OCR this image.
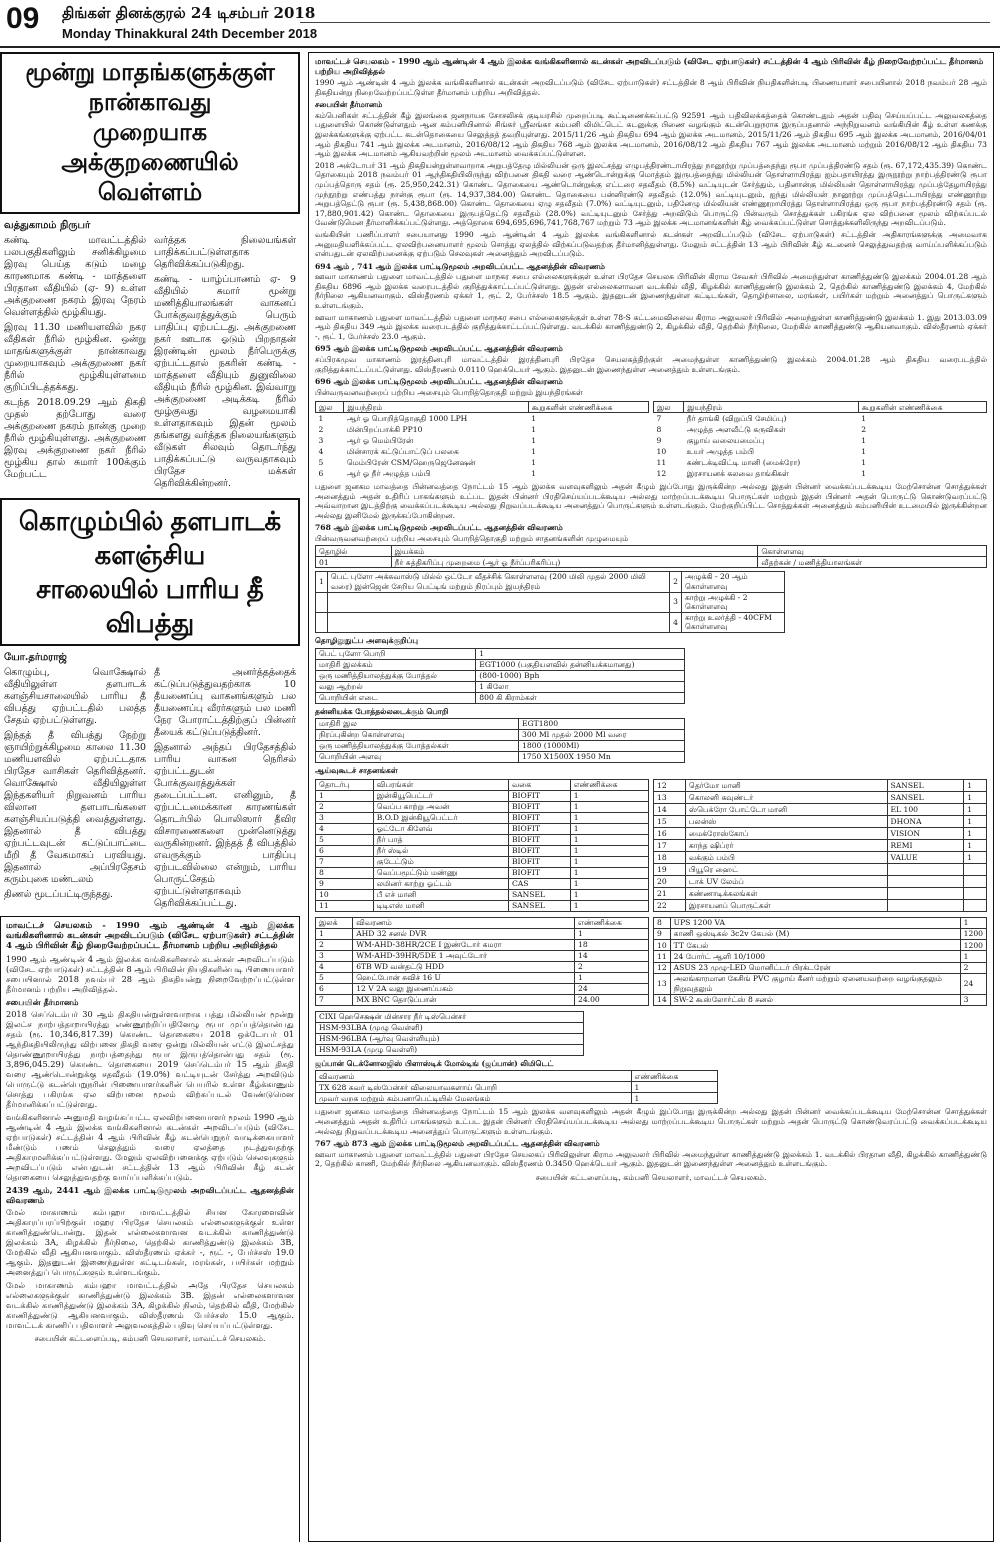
09 திங்கள் தினக்குரல் 24 டிசம்பர் 2018
Monday Thinakkural 24th December 2018
மூன்று மாதங்களுக்குள் நான்காவது
முறையாக அக்குறணையில் வெள்ளம்
வத்துகாமம் நிருபர்

கண்டி மாவட்டத்தில் பலபகுதிகளிலும் சனிக்கிழமை இரவு பெய்த கடும் மழை காரணமாக கண்டி - மாத்தளை பிரதான வீதியில் (ஏ- 9) உள்ள அக்குறணை நகரம் இரவு நேரம் வெள்ளத்தில் மூழ்கியது.

இரவு 11.30 மணியளவில் நகர வீதிகள் நீரில் மூழ்கின. ஒன்று மாதங்களுக்குள் நான்காவது முறையாகவும் அக்குறணை நகர் நீரில் மூழ்கியுள்ளமை குறிப்பிடத்தக்கது.

கடந்த 2018.09.29 ஆம் திகதி முதல் தற்போது வரை அக்குறணை நகரம் நான்கு முறை நீரில் மூழ்கியுள்ளது. அக்குறணை இரவு அக்குறணை நகர் நீரில் மூழ்கிய தால் சுமார் 100க்கும் மேற்பட்ட

வர்த்தக நிலையங்கள் பாதிக்கப்பட்டுள்ளதாக தெரிவிக்கப்படுகிறது.

கண்டி - யாழ்ப்பாணம் ஏ- 9 வீதியில் சுமார் மூன்று மணித்தியாலங்கள் வாகனப் போக்குவரத்துக்கும் பெரும் பாதிப்பு ஏற்பட்டது. அக்குறணை நகர் ஊடாக ஓடும் பிறநாதன் இரண்டின் மூலம் நீர்பெருக்கு ஏற்பட்டதால் நகரின் கண்டி - மாத்தளை வீதியும் துனுவிலை வீதியும் நீரில் மூழ்கின. இவ்வாறு அக்குறணை அடிக்கடி நீரில் மூழ்குவது வழமையாகி உள்ளதாகவும் இதன் மூலம் தங்களது வர்த்தக நிலையங்களும் வீடுகள் சிலவும் தொடர்ந்து பாதிக்கப்பட்டு வருவதாகவும் பிரதேச மக்கள் தெரிவிக்கின்றனர்.

கொழும்பில் தளபாடக் களஞ்சிய
சாலையில் பாரிய தீ விபத்து
யோ.தர்மராஜ்

கொழும்பு, வொக்ஷோல் வீதியிலுள்ள தளபாடக் களஞ்சியசாலையில் பாரிய தீ விபத்து ஏற்பட்டதில் பலத்த சேதம் ஏற்பட்டுள்ளது.

இந்தத் தீ விபத்து நேற்று ஞாயிற்றுக்கிழமை காலை 11.30 மணியளவில் ஏற்பட்டதாக பிரதேச வாசிகள் தெரிவித்தனர். வொக்ஷோல் வீதியிலுள்ள இந்தகளியர் நிறுவனம் பாரிய விலான தளபாடங்களை களஞ்சியப்படுத்தி வைத்துள்ளது. இதனால் தீ விபத்து ஏற்பட்டவுடன் கட்டுப்பாட்டை மீறி தீ வேகமாகப் பரவியது. இதனால் அப்பிரதேசம் கரும்புகை மண்டலம்

திணல் மூடப்பட்டிருந்தது.

தீ அனர்த்தத்தைக் கட்டுப்படுத்துவதற்காக 10 தீயணைப்பு வாகனங்களும் பல தீயணைப்பு வீரர்களும் பல மணி நேர போராட்டத்திற்குப் பின்னர் தீயைக் கட்டுப்படுத்தினர்.

இதனால் அந்தப் பிரதேசத்தில் பாரிய வாகன நெரிசல் ஏற்பட்டதுடன் போக்குவரத்துக்கள் தடைப்பட்டன. எனினும், தீ ஏற்பட்டமைக்கான காரணங்கள் தொடர்பில் பொலிஸார் தீவிர விசாரணைகளை முன்னெடுத்து வருகின்றனர். இந்தத் தீ விபத்தில் எவருக்கும் பாதிப்பு ஏற்படவில்லை என்றும், பாரிய பொருட்சேதம் ஏற்பட்டுள்ளதாகவும் தெரிவிக்கப்பட்டது.

மாவட்டச் செயலகம் - 1990 ஆம் ஆண்டின் 4 ஆம் இலக்க வங்கிகளினால் கடன்கள் அறவிடப்படும் (விசேட ஏற்பாடுகள்) சட்டத்தின் 4 ஆம் பிரிவின் கீழ் நிறைவேற்றப்பட்ட தீர்மானம் பற்றிய அறிவித்தல்

1990 ஆம் ஆண்டின் 4 ஆம் இலக்க வங்கிகளினால் கடன்கள் அறவிடப்படும் (விசேட ஏற்பாடுகள்) சட்டத்தின் 8 ஆம் பிரிவின் நியதிகளின்படி பிணையாளர் சபையினால் 2018 நவம்பர் 28 ஆம் திகதியன்று நிறைவேற்றப்பட்டுள்ள தீர்மானம் பற்றிய அறிவித்தல்.

சபையின் தீர்மானம்

2018 செப்டெம்பர் 30 ஆம் திகதியன்றுள்ளவாறாக பத்து மில்லியன் மூன்று இலட்ச நாற்பத்தாறாயிரத்து எண்ணூற்றிப்பதினேழு ரூபா முப்பத்தொன்பது சதம் (ரூ. 10,346,817.39) கொண்ட தொகையை 2018 ஒக்டோபர் 01 ஆந்திகதியிலிருந்து விற்பனை திகதி வரை ஒன்று மில்லியன் எட்டு இலட்சத்து தொண்ணூறாயிரத்து நாற்பத்தைந்து ரூபா இருபத்தொன்பது சதம் (ரூ. 3,896,045.29) கொண்ட தொகையை 2019 செப்டெம்பர் 15 ஆம் திகதி வரை ஆண்டொன்றுக்கு சதவீதம் (19.0%) வட்டியுடன் சேர்த்து அறவிடும் பொருட்டு கடன்பெறுநரின் பிணையாளர்களின் பெயரில் உள்ள கீழ்க்காணும் சொத்து பகிரங்க ஏல விற்பனை மூலம் விற்கப்படல் வேண்டுமென தீர்மானிக்கப்பட்டுள்ளது.

வங்கிகளினால் அனுமதி வழங்கப்பட்ட ஏலவிற்பனையாளர் மூலம் 1990 ஆம் ஆண்டின் 4 ஆம் இலக்க வங்கிகளினால் கடன்கள் அறவிடப்படும் (விசேட ஏற்பாடுகள்) சட்டத்தின் 4 ஆம் பிரிவின் கீழ் கடன்பெறுநர் வாடிக்கையாளர் மீண்டும் பணம் செலுத்தும் வரை ஏலத்தை நடத்துவதற்கு அதிகாரமளிக்கப்பட்டுள்ளது. மேலும் ஏலவிற்பனைக்கு ஏற்படும் செலவுகளும் அறவிடப்படும் என்பதுடன் சட்டத்தின் 13 ஆம் பிரிவின் கீழ் கடன் தொகையை செலுத்துவதற்கு வாய்ப்பளிக்கப்படும்.

2439 ஆம், 2441 ஆம் இலக்க பாட்டிடுமூலம் அறவிடப்பட்ட ஆதனத்தின் விவரணம்

மேல் மாகாணம் கம்பஹா மாவட்டத்தில் சியன கோரளைவின் அதிகாரப்பரப்பிற்குள் மஹர பிரதேச செயலகம் எல்லைகளுக்குள் உள்ள காணித்துண்டொன்று. இதன் எல்லைகளாவன வடக்கில் காணித்துண்டு இலக்கம் 3A, கிழக்கில் நீர்நிலை, தெற்கில் காணித்துண்டு இலக்கம் 3B, மேற்கில் வீதி ஆகியனவாகும். விஸ்தீரணம் ஏக்கர் -, ரூட் -, பேர்ச்சஸ் 19.0 ஆகும். இதனுடன் இணைந்துள்ள கட்டிடங்கள், மரங்கள், பயிர்கள் மற்றும் அனைத்துப் பொருட்களும் உள்ளடங்கும்.

மேல் மாகாணம் கம்பஹா மாவட்டத்தில் அதே பிரதேச செயலகம் எல்லைகளுக்குள் காணித்துண்டு இலக்கம் 3B. இதன் எல்லைகளாவன வடக்கில் காணித்துண்டு இலக்கம் 3A, கிழக்கில் நிலம், தெற்கில் வீதி, மேற்கில் காணித்துண்டு ஆகியனவாகும். விஸ்தீரணம் பேர்ச்சஸ் 15.0 ஆகும். மாவட்டக் காணிப் பதிவாளர் அலுவலகத்தில் பதிவு செய்யப்பட்டுள்ளது.

சபையின் கட்டளைப்படி, கம்பனி செயலாளர், மாவட்டச் செயலகம்.
மாவட்டச் செயலகம் - 1990 ஆம் ஆண்டின் 4 ஆம் இலக்க வங்கிகளினால் கடன்கள் அறவிடப்படும் (விசேட ஏற்பாடுகள்) சட்டத்தின் 4 ஆம் பிரிவின் கீழ் நிறைவேற்றப்பட்ட தீர்மானம் பற்றிய அறிவித்தல்

1990 ஆம் ஆண்டின் 4 ஆம் இலக்க வங்கிகளினால் கடன்கள் அறவிடப்படும் (விசேட ஏற்பாடுகள்) சட்டத்தின் 8 ஆம் பிரிவின் நியதிகளின்படி பிணையாளர் சபையினால் 2018 நவம்பர் 28 ஆம் திகதியன்று நிறைவேற்றப்பட்டுள்ள தீர்மானம் பற்றிய அறிவித்தல்.

சபையின் தீர்மானம்

கம்பெனிகள் சட்டத்தின் கீழ் இலங்கை ஜனநாயக சோசலிசக் குடியரசில் முறைப்படி கூட்டிணைக்கப்பட்டு 92591 ஆம் பதிவிலக்கத்தைக் கொண்டதும் அதன் பதிவு செய்யப்பட்ட அலுவலகத்தை பதுளையில் கொண்டுள்ளதும் ஆன கம்பனியினால் சிங்கர் ஸ்ரீலங்கா கம்பனி லிமிட்டெட் கடனுக்கு பிணை வழங்கும் கடன்பெறுநராக இருப்பதனால் அந்நிறுவனம் வங்கியின் கீழ் உள்ள கணக்கு இலக்கங்களுக்கு ஏற்பட்ட கடன்தொகையை செலுத்தத் தவறியுள்ளது. 2015/11/26 ஆம் திகதிய 694 ஆம் இலக்க அடமானம், 2015/11/26 ஆம் திகதிய 695 ஆம் இலக்க அடமானம், 2016/04/01 ஆம் திகதிய 741 ஆம் இலக்க அடமானம், 2016/08/12 ஆம் திகதிய 768 ஆம் இலக்க அடமானம், 2016/08/12 ஆம் திகதிய 767 ஆம் இலக்க அடமானம் மற்றும் 2016/08/12 ஆம் திகதிய 73 ஆம் இலக்க அடமானம் ஆகியவற்றின் மூலம் அடமானம் வைக்கப்பட்டுள்ளன.

2018 அக்டோபர் 31 ஆம் திகதியன்றுள்ளவாறாக அறுபத்தேழு மில்லியன் ஒரு இலட்சத்து எழுபத்திரண்டாயிரத்து நானூற்று முப்பத்தைந்து ரூபா முப்பத்திரண்டு சதம் (ரூ. 67,172,435.39) கொண்ட தொகையும் 2018 நவம்பர் 01 ஆந்திகதியிலிருந்து விற்பனை திகதி வரை ஆண்டொன்றுக்கு மொத்தம் இருபத்தைந்து மில்லியன் தொள்ளாயிரத்து ஐம்பதாயிரத்து இருநூற்று நாற்பத்திரண்டு ரூபா முப்பத்தொரு சதம் (ரூ. 25,950,242.31) கொண்ட தொகையை ஆண்டொன்றுக்கு எட்டரை சதவீதம் (8.5%) வட்டியுடன் சேர்த்தும், பதினான்கு மில்லியன் தொள்ளாயிரத்து முப்பத்தேழாயிரத்து முந்நூற்று எண்பத்து நான்கு ரூபா (ரூ. 14,937,384.00) கொண்ட தொகையை பன்னிரண்டு சதவீதம் (12.0%) வட்டியுடனும், ஐந்து மில்லியன் நானூற்று முப்பத்தெட்டாயிரத்து எண்ணூற்று அறுபத்தெட்டு ரூபா (ரூ. 5,438,868.00) கொண்ட தொகையை ஏழு சதவீதம் (7.0%) வட்டியுடனும், பதினேழு மில்லியன் எண்ணூறாயிரத்து தொள்ளாயிரத்து ஒரு ரூபா நாற்பத்திரண்டு சதம் (ரூ. 17,880,901.42) கொண்ட தொகையை இருபத்தெட்டு சதவீதம் (28.0%) வட்டியுடனும் சேர்த்து அறவிடும் பொருட்டு பின்வரும் சொத்துக்கள் பகிரங்க ஏல விற்பனை மூலம் விற்கப்படல் வேண்டுமென தீர்மானிக்கப்பட்டுள்ளது. அத்தொகை 694,695,696,741,768,767 மற்றும் 73 ஆம் இலக்க அடமானங்களின் கீழ் வைக்கப்பட்டுள்ள சொத்துக்களிலிருந்து அறவிடப்படும்.

வங்கியின் பணிப்பாளர் சபையானது 1990 ஆம் ஆண்டின் 4 ஆம் இலக்க வங்கிகளினால் கடன்கள் அறவிடப்படும் (விசேட ஏற்பாடுகள்) சட்டத்தின் அதிகாரங்களுக்கு அமைவாக அனுமதியளிக்கப்பட்ட ஏலவிற்பனையாளர் மூலம் சொத்து ஏலத்தில் விற்கப்படுவதற்கு தீர்மானித்துள்ளது. மேலும் சட்டத்தின் 13 ஆம் பிரிவின் கீழ் கடனைச் செலுத்துவதற்கு வாய்ப்பளிக்கப்படும் என்பதுடன் ஏலவிற்பனைக்கு ஏற்படும் செலவுகள் அனைத்தும் அறவிடப்படும்.

694 ஆம் , 741 ஆம் இலக்க பாட்டிடுமூலம் அறவிடப்பட்ட ஆதனத்தின் விவரணம்

ஊவா மாகாணம் பதுளை மாவட்டத்தில் பதுளை மாநகர சபை எல்லைகளுக்குள் உள்ள பிரதேச செயலக பிரிவின் கிராம சேவகர் பிரிவில் அமைந்துள்ள காணித்துண்டு இலக்கம் 2004.01.28 ஆம் திகதிய 6896 ஆம் இலக்க வரைபடத்தில் குறித்துக்காட்டப்பட்டுள்ளது. இதன் எல்லைகளாவன வடக்கில் வீதி, கிழக்கில் காணித்துண்டு இலக்கம் 2, தெற்கில் காணித்துண்டு இலக்கம் 4, மேற்கில் நீர்நிலை ஆகியனவாகும். விஸ்தீரணம் ஏக்கர் 1, ரூட் 2, பேர்ச்சஸ் 18.5 ஆகும். இதனுடன் இணைந்துள்ள கட்டிடங்கள், தொழிற்சாலை, மரங்கள், பயிர்கள் மற்றும் அனைத்துப் பொருட்களும் உள்ளடங்கும்.

ஊவா மாகாணம் பதுளை மாவட்டத்தில் பதுளை மாநகர சபை எல்லைகளுக்குள் உள்ள 78-S கட்டமைவிலைவ கிராம அலுவலர் பிரிவில் அமைந்துள்ள காணித்துண்டு இலக்கம் 1. இது 2013.03.09 ஆம் திகதிய 349 ஆம் இலக்க வரைபடத்தில் குறித்துக்காட்டப்பட்டுள்ளது. வடக்கில் காணித்துண்டு 2, கிழக்கில் வீதி, தெற்கில் நீர்நிலை, மேற்கில் காணித்துண்டு ஆகியனவாகும். விஸ்தீரணம் ஏக்கர் -, ரூட் 1, பேர்ச்சஸ் 23.0 ஆகும்.

695 ஆம் இலக்க பாட்டிடுமூலம் அறவிடப்பட்ட ஆதனத்தின் விவரணம்

சப்பிரகமுவ மாகாணம் இரத்தினபுரி மாவட்டத்தில் இரத்தினபுரி பிரதேச செயலகத்திற்குள் அமைந்துள்ள காணித்துண்டு இலக்கம் 2004.01.28 ஆம் திகதிய வரைபடத்தில் குறித்துக்காட்டப்பட்டுள்ளது. விஸ்தீரணம் 0.0110 ஹெக்டெயர் ஆகும். இதனுடன் இணைந்துள்ள அனைத்தும் உள்ளடங்கும்.

696 ஆம் இலக்க பாட்டிடுமூலம் அறவிடப்பட்ட ஆதனத்தின் விவரணம்

பின்வருவனவற்றைப் பற்றிய அசையும் பொறித்தொகுதி மற்றும் இயந்திரங்கள்

இல	இயந்திரம்	கூறுகளின் எண்ணிக்கை
1	ஆர் ஓ பொறித்தொகுதி 1000 LPH	1
2	மின்பிறப்பாக்கி PP10	1
3	ஆர் ஓ மெம்பிரேன்	1
4	மின்சாரக் கட்டுப்பாட்டுப் பலகை	1
5	மெம்பிரேன் CSM/ஹெருஜெனேஷன்	1
6	ஆர் ஓ நீர் அழுத்த பம்பி	1
இல	இயந்திரம்	கூறுகளின் எண்ணிக்கை
7	நீர் தாங்கி (விறுப்பி சேமிப்பு)	1
8	அழுத்த அளவீட்டு கருவிகள்	2
9	குழாய் வலையமைப்பு	1
10	உயர் அழுத்த பம்பி	1
11	கண்டக்டிவிட்டி மானி (மைக்ரோ)	1
12	இரசாயனக் கலவை தாங்கிகள்	1

பதுளை ஜனகம மாவத்தை பின்னவத்தை நோட்டம் 15 ஆம் இலக்க வளவுகளிலும் அதன் கீழும் இப்போது இருக்கின்ற அல்லது இதன் பின்னர் வைக்கப்படக்கூடிய மேற்சொன்ன சொத்துக்கள் அனைத்தும் அதன் உதிரிப் பாகங்களும் உட்பட இதன் பின்னர் பிரதிசெய்யப்படக்கூடிய அல்லது மாற்றப்படக்கூடிய பொருட்கள் மற்றும் இதன் பின்னர் அதன் பொருட்டு கொண்டுவரப்பட்டு அவ்வாறான இடத்திற்கு வைக்கப்படக்கூடிய அல்லது நிறுவப்படக்கூடிய அனைத்துப் பொருட்களும் உள்ளடங்கும். மேற்குறிப்பிட்ட சொத்துக்கள் அனைத்தும் கம்பனியின் உடமையில் இருக்கின்றன அல்லது இனிமேல் இருக்கப்போகின்றன.

768 ஆம் இலக்க பாட்டிடுமூலம் அறவிடப்பட்ட ஆதனத்தின் விவரணம்

பின்வருவனவற்றைப் பற்றிய அசையும் பொறித்தொகுதி மற்றும் சாதனங்களின் முழுமையும்

தொழில்	இயக்கம்	கொள்ளளவு
01	நீர் சுத்திகரிப்பு முறைமை (ஆர் ஓ நீர்ப்பரிகரிப்பு)	வீதற்கன் / மணித்தியாலங்கள்
1	பெட் புளோ அக்சுவாஸ்டு மில்ல் ஒட்டோ வீதச்சிக் கொள்ளளவு (200 மிலி முதல் 2000 மிலி வரை) இன்ஜென் சேறிய பெட்டிங் மற்றும் நிரப்பும் இயந்திரம்	2	அழுக்கி - 20 ஆம் கொள்ளளவு
		3	காற்று அழுக்கி - 2 கொள்ளளவு
		4	காற்று உலர்த்தி - 40CFM கொள்ளளவு
தொழிலுநுட்ப அளவுக்குறிப்பு
பெட் புளோ பொறி	1
மாதிரி இலக்கம்	EGT1000 (பகுதியளவில் தன்னியக்கமானது)
ஒரு மணித்தியாலத்துக்கு போத்தல்	(800-1000) Bph
வலு ஆற்றல்	1 கிலோ
பொறியின் எடை	800 கி கிராம்கள்
தன்னியக்க போத்தல்லடைக்கும் பொறி
மாதிரி இல	EGT1800
நிரப்புகின்ற கொள்ளளவு	300 Ml முதல் 2000 Ml வரை
ஒரு மணித்தியாலத்துக்கு போத்தல்கள்	1800 (1000Ml)
பொறியின் அளவு	1750 X1500X 1950 Mn
ஆய்வுகூடச் சாதனங்கள்
தொடர்பு	விபரங்கள்	வகை	எண்ணிக்கை
1	இன்கியூபெட்டர்	BIOFIT	1
2	வெப்ப காற்று அவன்	BIOFIT	1
3	B.O.D இன்கியூபெட்டர்	BIOFIT	1
4	ஓட்டோ கிளேவ்	BIOFIT	1
5	நீர் பாத்	BIOFIT	1
6	நீர் ஸ்டில்	BIOFIT	1
7	குடேட்டும்	BIOFIT	1
8	வெப்பமூட்டும் மண்ணு	BIOFIT	1
9	லமினர் காற்று ஓட்டம்	CAS	1
10	பீ எச் மானி	SANSEL	1
11	டிடிஎஸ் மானி	SANSEL	1
12	தெர்மோ மானி	SANSEL	1
13	கொலனி கவுண்டர்	SANSEL	1
14	ஸ்பெக்ரோ போட்டோ மானி	EL 100	1
15	பலன்ஸ்	DHONA	1
16	மைக்ரோஸ்கோப்	VISION	1
17	காந்த ஷிப்ரர்	REMI	1
18	வக்கும் பம்பி	VALUE	1
19	பியூரெ ஹைட்		
20	டாக் UV லேம்ப்		
21	கண்ணாடிக்கலங்கள்		
22	இரசாயனப் பொருட்கள்		
இலக்	விவரணம்	எண்ணிக்கை
1	AHD 32 சனல் DVR	1
2	WM-AHD-38HR/2CE I இண்டோர் கமரா	18
3	WM-AHD-39HR/5DE 1 அவுட்டோர்	14
4	6TB WD வன்தட்டு HDD	2
5	ஹெட்போன் சுவிச் 16 U	1
6	12 V 2A வலு இணைப்பகம்	24
7	MX BNC தொடுப்பான்	24.00
8	UPS 1200 VA	1
9	காணி ஒஸ்டிகல் 3c2v கேபல் (M)	1200
10	TT கேபல்	1200
11	24 போர்ட் ஆளி 10/1000	1
12	ASUS 23 முழு-LED மொனிட்டர் பிரக்டரேன்	2
13	அலங்காரமான கேசிங் PVC குழாய் கீனர் மற்றும் ஏனையவற்றை வழங்குதலும் நிறுவுதலும்	24
14	SW-2 கூஸ்லோர்ட்ஸ் 8 சனல்	3
CIXI ஹெசெக்ஷன் மின்சார நீர் டிஸ்பென்சர்
HSM-93LBA (முழு வெள்ளி)
HSM-96LBA (ஆர்வு வெள்ளியும்)
HSM-93LA (முழு வெள்ளி)
ஜப்பான் டெக்னோலஜிஸ் பிளாஸ்டிக் மோல்டிங் (ஜப்பான்) லிமிடெட்
விவரணம்	எண்ணிக்கை
TX 628 கவர் டிஸ்பேன்சர் விலையாவகளாய் பொறி	1
முவர் வறக மற்றும் கம்பனாபெட்டியில் மேலங்கம்	1

பதுளை ஜனகம மாவத்தை பின்னவத்தை நோட்டம் 15 ஆம் இலக்க வளவுகளிலும் அதன் கீழும் இப்போது இருக்கின்ற அல்லது இதன் பின்னர் வைக்கப்படக்கூடிய மேற்சொன்ன சொத்துக்கள் அனைத்தும் அதன் உதிரிப் பாகங்களும் உட்பட இதன் பின்னர் பிரதிசெய்யப்படக்கூடிய அல்லது மாற்றப்படக்கூடிய பொருட்கள் மற்றும் அதன் பொருட்டு கொண்டுவரப்பட்டு வைக்கப்படக்கூடிய அல்லது நிறுவப்படக்கூடிய அனைத்துப் பொருட்களும் உள்ளடங்கும்.

767 ஆம் 873 ஆம் இலக்க பாட்டிடுமூலம் அறவிடப்பட்ட ஆதனத்தின் விவரணம்

ஊவா மாகாணம் பதுளை மாவட்டத்தில் பதுளை பிரதேச செயலகப் பிரிவிலுள்ள கிராம அலுவலர் பிரிவில் அமைந்துள்ள காணித்துண்டு இலக்கம் 1. வடக்கில் பிரதான வீதி, கிழக்கில் காணித்துண்டு 2, தெற்கில் காணி, மேற்கில் நீர்நிலை ஆகியனவாகும். விஸ்தீரணம் 0.3450 ஹெக்டெயர் ஆகும். இதனுடன் இணைந்துள்ள அனைத்தும் உள்ளடங்கும்.

சபையின் கட்டளைப்படி, கம்பனி செயலாளர், மாவட்டச் செயலகம்.
